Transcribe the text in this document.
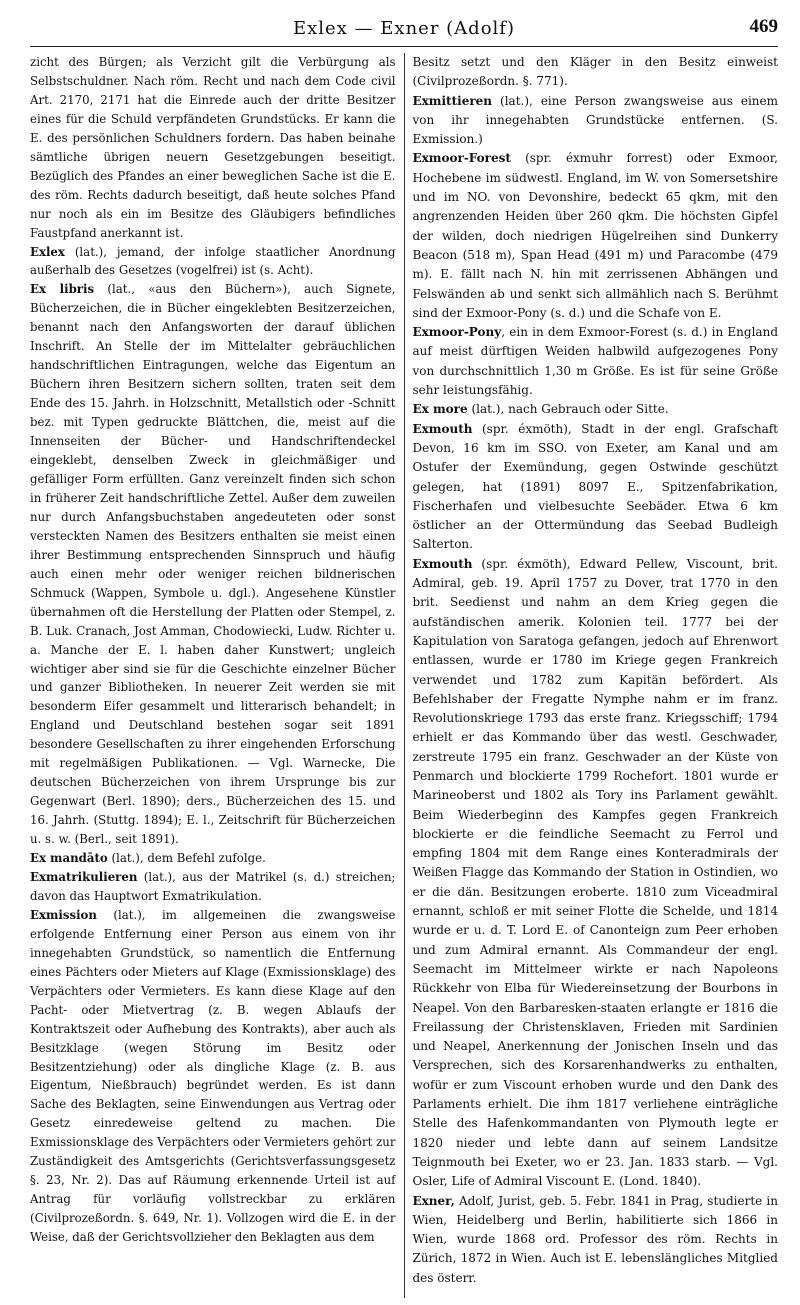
Exlex — Exner (Adolf)	469

zicht des Bürgen; als Verzicht gilt die Verbürgung als Selbstschuldner. Nach röm. Recht und nach dem Code civil Art. 2170, 2171 hat die Einrede auch der dritte Besitzer eines für die Schuld verpfändeten Grundstücks. Er kann die E. des persönlichen Schuldners fordern. Das haben beinahe sämtliche übrigen neuern Gesetzgebungen beseitigt. Bezüglich des Pfandes an einer beweglichen Sache ist die E. des röm. Rechts dadurch beseitigt, daß heute solches Pfand nur noch als ein im Besitze des Gläubigers befindliches Faustpfand anerkannt ist.

Exlex (lat.), jemand, der infolge staatlicher Anordnung außerhalb des Gesetzes (vogelfrei) ist (s. Acht).

Ex libris (lat., «aus den Büchern»), auch Signete, Bücherzeichen, die in Bücher eingeklebten Besitzerzeichen, benannt nach den Anfangsworten der darauf üblichen Inschrift. An Stelle der im Mittelalter gebräuchlichen handschriftlichen Eintragungen, welche das Eigentum an Büchern ihren Besitzern sichern sollten, traten seit dem Ende des 15. Jahrh. in Holzschnitt, Metallstich oder -Schnitt bez. mit Typen gedruckte Blättchen, die, meist auf die Innenseiten der Bücher- und Handschriftendeckel eingeklebt, denselben Zweck in gleichmäßiger und gefälliger Form erfüllten. Ganz vereinzelt finden sich schon in früherer Zeit handschriftliche Zettel. Außer dem zuweilen nur durch Anfangsbuchstaben angedeuteten oder sonst versteckten Namen des Besitzers enthalten sie meist einen ihrer Bestimmung entsprechenden Sinnspruch und häufig auch einen mehr oder weniger reichen bildnerischen Schmuck (Wappen, Symbole u. dgl.). Angesehene Künstler übernahmen oft die Herstellung der Platten oder Stempel, z. B. Luk. Cranach, Jost Amman, Chodowiecki, Ludw. Richter u. a. Manche der E. l. haben daher Kunstwert; ungleich wichtiger aber sind sie für die Geschichte einzelner Bücher und ganzer Bibliotheken. In neuerer Zeit werden sie mit besonderm Eifer gesammelt und litterarisch behandelt; in England und Deutschland bestehen sogar seit 1891 besondere Gesellschaften zu ihrer eingehenden Erforschung mit regelmäßigen Publikationen. — Vgl. Warnecke, Die deutschen Bücherzeichen von ihrem Ursprunge bis zur Gegenwart (Berl. 1890); ders., Bücherzeichen des 15. und 16. Jahrh. (Stuttg. 1894); E. l., Zeitschrift für Bücherzeichen u. s. w. (Berl., seit 1891).

Ex mandāto (lat.), dem Befehl zufolge.

Exmatrikulieren (lat.), aus der Matrikel (s. d.) streichen; davon das Hauptwort Exmatrikulation.

Exmission (lat.), im allgemeinen die zwangsweise erfolgende Entfernung einer Person aus einem von ihr innegehabten Grundstück, so namentlich die Entfernung eines Pächters oder Mieters auf Klage (Exmissionsklage) des Verpächters oder Vermieters. Es kann diese Klage auf den Pacht- oder Mietvertrag (z. B. wegen Ablaufs der Kontraktszeit oder Aufhebung des Kontrakts), aber auch als Besitzklage (wegen Störung im Besitz oder Besitzentziehung) oder als dingliche Klage (z. B. aus Eigentum, Nießbrauch) begründet werden. Es ist dann Sache des Beklagten, seine Einwendungen aus Vertrag oder Gesetz einredeweise geltend zu machen. Die Exmissionsklage des Verpächters oder Vermieters gehört zur Zuständigkeit des Amtsgerichts (Gerichtsverfassungsgesetz §. 23, Nr. 2). Das auf Räumung erkennende Urteil ist auf Antrag für vorläufig vollstreckbar zu erklären (Civilprozeßordn. §. 649, Nr. 1). Vollzogen wird die E. in der Weise, daß der Gerichtsvollzieher den Beklagten aus dem

Besitz setzt und den Kläger in den Besitz einweist (Civilprozeßordn. §. 771).

Exmittieren (lat.), eine Person zwangsweise aus einem von ihr innegehabten Grundstücke entfernen. (S. Exmission.)

Exmoor-Forest (spr. éxmuhr forrest) oder Exmoor, Hochebene im südwestl. England, im W. von Somersetshire und im NO. von Devonshire, bedeckt 65 qkm, mit den angrenzenden Heiden über 260 qkm. Die höchsten Gipfel der wilden, doch niedrigen Hügelreihen sind Dunkerry Beacon (518 m), Span Head (491 m) und Paracombe (479 m). E. fällt nach N. hin mit zerrissenen Abhängen und Felswänden ab und senkt sich allmählich nach S. Berühmt sind der Exmoor-Pony (s. d.) und die Schafe von E.

Exmoor-Pony, ein in dem Exmoor-Forest (s. d.) in England auf meist dürftigen Weiden halbwild aufgezogenes Pony von durchschnittlich 1,30 m Größe. Es ist für seine Größe sehr leistungsfähig.

Ex more (lat.), nach Gebrauch oder Sitte.

Exmouth (spr. éxmöth), Stadt in der engl. Grafschaft Devon, 16 km im SSO. von Exeter, am Kanal und am Ostufer der Exemündung, gegen Ostwinde geschützt gelegen, hat (1891) 8097 E., Spitzenfabrikation, Fischerhafen und vielbesuchte Seebäder. Etwa 6 km östlicher an der Ottermündung das Seebad Budleigh Salterton.

Exmouth (spr. éxmöth), Edward Pellew, Viscount, brit. Admiral, geb. 19. April 1757 zu Dover, trat 1770 in den brit. Seedienst und nahm an dem Krieg gegen die aufständischen amerik. Kolonien teil. 1777 bei der Kapitulation von Saratoga gefangen, jedoch auf Ehrenwort entlassen, wurde er 1780 im Kriege gegen Frankreich verwendet und 1782 zum Kapitän befördert. Als Befehlshaber der Fregatte Nymphe nahm er im franz. Revolutionskriege 1793 das erste franz. Kriegsschiff; 1794 erhielt er das Kommando über das westl. Geschwader, zerstreute 1795 ein franz. Geschwader an der Küste von Penmarch und blockierte 1799 Rochefort. 1801 wurde er Marineoberst und 1802 als Tory ins Parlament gewählt. Beim Wiederbeginn des Kampfes gegen Frankreich blockierte er die feindliche Seemacht zu Ferrol und empfing 1804 mit dem Range eines Konteradmirals der Weißen Flagge das Kommando der Station in Ostindien, wo er die dän. Besitzungen eroberte. 1810 zum Viceadmiral ernannt, schloß er mit seiner Flotte die Schelde, und 1814 wurde er u. d. T. Lord E. of Canonteign zum Peer erhoben und zum Admiral ernannt. Als Commandeur der engl. Seemacht im Mittelmeer wirkte er nach Napoleons Rückkehr von Elba für Wiedereinsetzung der Bourbons in Neapel. Von den Barbaresken-staaten erlangte er 1816 die Freilassung der Christensklaven, Frieden mit Sardinien und Neapel, Anerkennung der Jonischen Inseln und das Versprechen, sich des Korsarenhandwerks zu enthalten, wofür er zum Viscount erhoben wurde und den Dank des Parlaments erhielt. Die ihm 1817 verliehene einträgliche Stelle des Hafenkommandanten von Plymouth legte er 1820 nieder und lebte dann auf seinem Landsitze Teignmouth bei Exeter, wo er 23. Jan. 1833 starb. — Vgl. Osler, Life of Admiral Viscount E. (Lond. 1840).

Exner, Adolf, Jurist, geb. 5. Febr. 1841 in Prag, studierte in Wien, Heidelberg und Berlin, habilitierte sich 1866 in Wien, wurde 1868 ord. Professor des röm. Rechts in Zürich, 1872 in Wien. Auch ist E. lebenslängliches Mitglied des österr.
